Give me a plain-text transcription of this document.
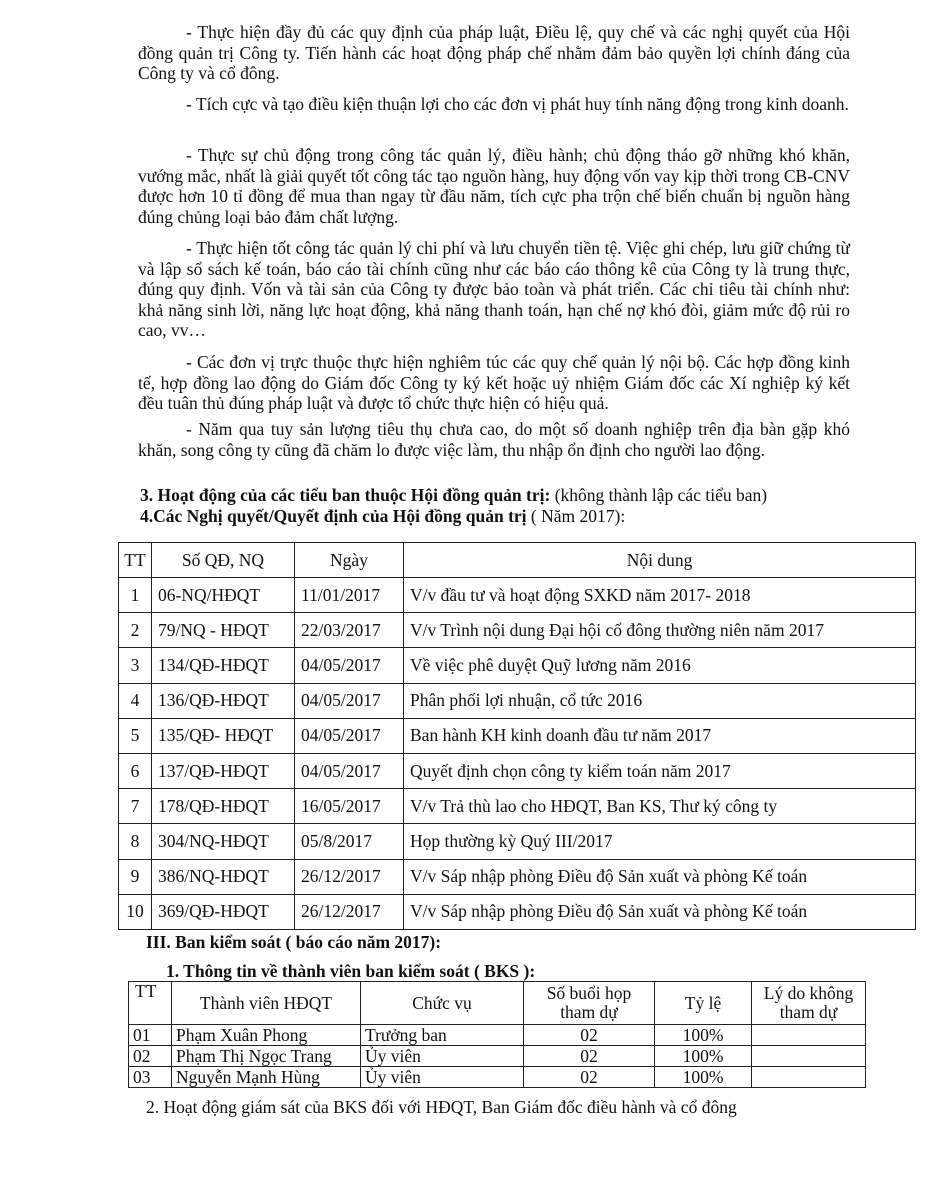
- Thực hiện đầy đủ các quy định của pháp luật, Điều lệ, quy chế và các nghị quyết của Hội đồng quản trị Công ty. Tiến hành các hoạt động pháp chế nhằm đảm bảo quyền lợi chính đáng của Công ty và cổ đông.

- Tích cực và tạo điều kiện thuận lợi cho các đơn vị phát huy tính năng động trong kinh doanh.

- Thực sự chủ động trong công tác quản lý, điều hành; chủ động tháo gỡ những khó khăn, vướng mắc, nhất là giải quyết tốt công tác tạo nguồn hàng, huy động vốn vay kịp thời trong CB-CNV được hơn 10 tỉ đồng để mua than ngay từ đầu năm, tích cực pha trộn chế biến chuẩn bị nguồn hàng đúng chủng loại bảo đảm chất lượng.

- Thực hiện tốt công tác quản lý chi phí và lưu chuyển tiền tệ. Việc ghi chép, lưu giữ chứng từ và lập sổ sách kế toán, báo cáo tài chính cũng như các báo cáo thông kê của Công ty là trung thực, đúng quy định. Vốn và tài sản của Công ty được bảo toàn và phát triển. Các chỉ tiêu tài chính như: khả năng sinh lời, năng lực hoạt động, khả năng thanh toán, hạn chế nợ khó đòi, giảm mức độ rủi ro cao, vv…

- Các đơn vị trực thuộc thực hiện nghiêm túc các quy chế quản lý nội bộ. Các hợp đồng kinh tế, hợp đồng lao động do Giám đốc Công ty ký kết hoặc uỷ nhiệm Giám đốc các Xí nghiệp ký kết đều tuân thủ đúng pháp luật và được tổ chức thực hiện có hiệu quả.

- Năm qua tuy sản lượng tiêu thụ chưa cao, do một số doanh nghiệp trên địa bàn gặp khó khăn, song công ty cũng đã chăm lo được việc làm, thu nhập ổn định cho người lao động.

3. Hoạt động của các tiểu ban thuộc Hội đồng quản trị: (không thành lập các tiểu ban)

4.Các Nghị quyết/Quyết định của Hội đồng quản trị ( Năm 2017):

TT	Số QĐ, NQ	Ngày	Nội dung
1	06-NQ/HĐQT	11/01/2017	V/v đầu tư và hoạt động SXKD năm 2017- 2018
2	79/NQ - HĐQT	22/03/2017	V/v Trình nội dung Đại hội cổ đông thường niên năm 2017
3	134/QĐ-HĐQT	04/05/2017	Về việc phê duyệt Quỹ lương năm 2016
4	136/QĐ-HĐQT	04/05/2017	Phân phối lợi nhuận, cổ tức 2016
5	135/QĐ- HĐQT	04/05/2017	Ban hành KH kinh doanh đầu tư năm 2017
6	137/QĐ-HĐQT	04/05/2017	Quyết định chọn công ty kiểm toán năm 2017
7	178/QĐ-HĐQT	16/05/2017	V/v Trả thù lao cho HĐQT, Ban KS, Thư ký công ty
8	304/NQ-HĐQT	05/8/2017	Họp thường kỳ Quý III/2017
9	386/NQ-HĐQT	26/12/2017	V/v Sáp nhập phòng Điều độ Sản xuất và phòng Kế toán
10	369/QĐ-HĐQT	26/12/2017	V/v Sáp nhập phòng Điều độ Sản xuất và phòng Kế toán

III. Ban kiểm soát ( báo cáo năm 2017):

1. Thông tin về thành viên ban kiểm soát ( BKS ):

TT	Thành viên HĐQT	Chức vụ	Số buổi họp tham dự	Tỷ lệ	Lý do không tham dự
01	Phạm Xuân Phong	Trưởng ban	02	100%	
02	Phạm Thị Ngọc Trang	Ủy viên	02	100%	
03	Nguyễn Mạnh Hùng	Ủy viên	02	100%	

2. Hoạt động giám sát của BKS đối với HĐQT, Ban Giám đốc điều hành và cổ đông
